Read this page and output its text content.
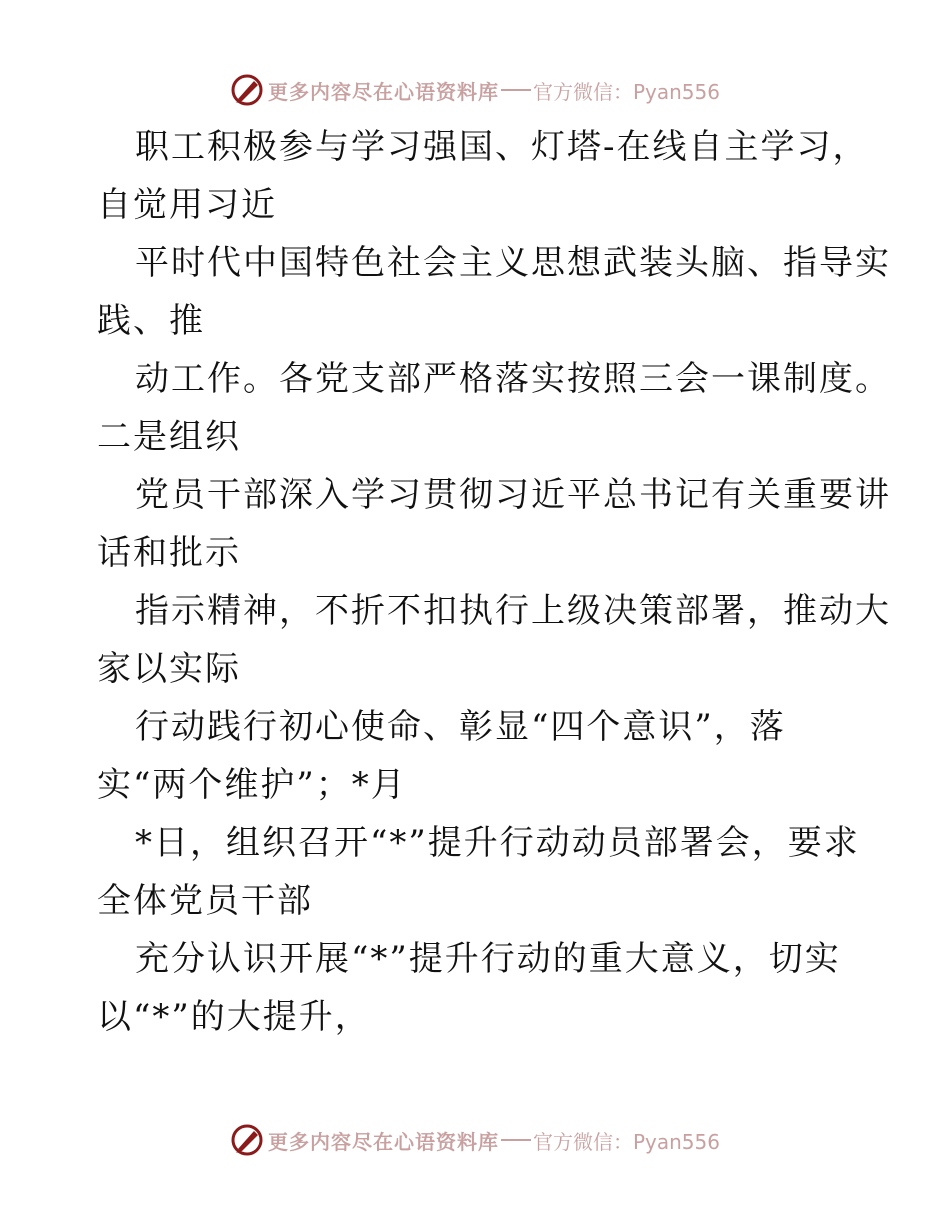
更多内容尽在心语资料库 官方微信：Pyan556
职工积极参与学习强国、灯塔-在线自主学习，
自觉用习近
平时代中国特色社会主义思想武装头脑、指导实
践、推
动工作。各党支部严格落实按照三会一课制度。
二是组织
党员干部深入学习贯彻习近平总书记有关重要讲
话和批示
指示精神，不折不扣执行上级决策部署，推动大
家以实际
行动践行初心使命、彰显“四个意识”，落
实“两个维护”；*月
*日，组织召开“*”提升行动动员部署会，要求
全体党员干部
充分认识开展“*”提升行动的重大意义，切实
以“*”的大提升，
更多内容尽在心语资料库 官方微信：Pyan556
